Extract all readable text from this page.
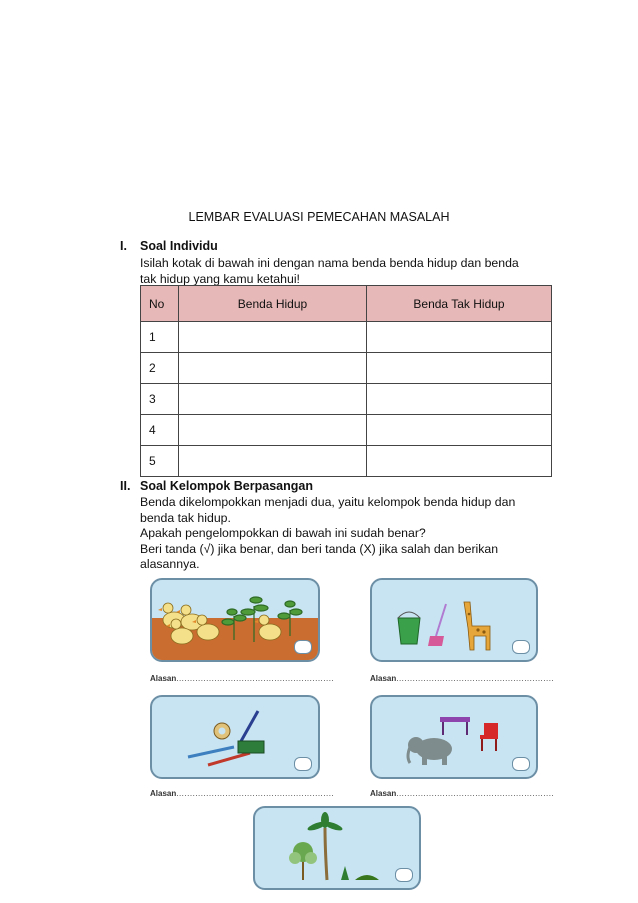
LEMBAR EVALUASI PEMECAHAN MASALAH
I. Soal Individu
Isilah kotak di bawah ini dengan nama benda benda hidup dan benda
tak hidup yang kamu ketahui!
No	Benda Hidup	Benda Tak Hidup
1		
2		
3		
4		
5		
II. Soal Kelompok Berpasangan
Benda dikelompokkan menjadi dua, yaitu kelompok benda hidup dan
benda tak hidup.
Apakah pengelompokkan di bawah ini sudah benar?
Beri tanda (√) jika benar, dan beri tanda (X) jika salah dan berikan
alasannya.
Alasan..........................................................	Alasan..........................................................
Alasan..........................................................	Alasan..........................................................
